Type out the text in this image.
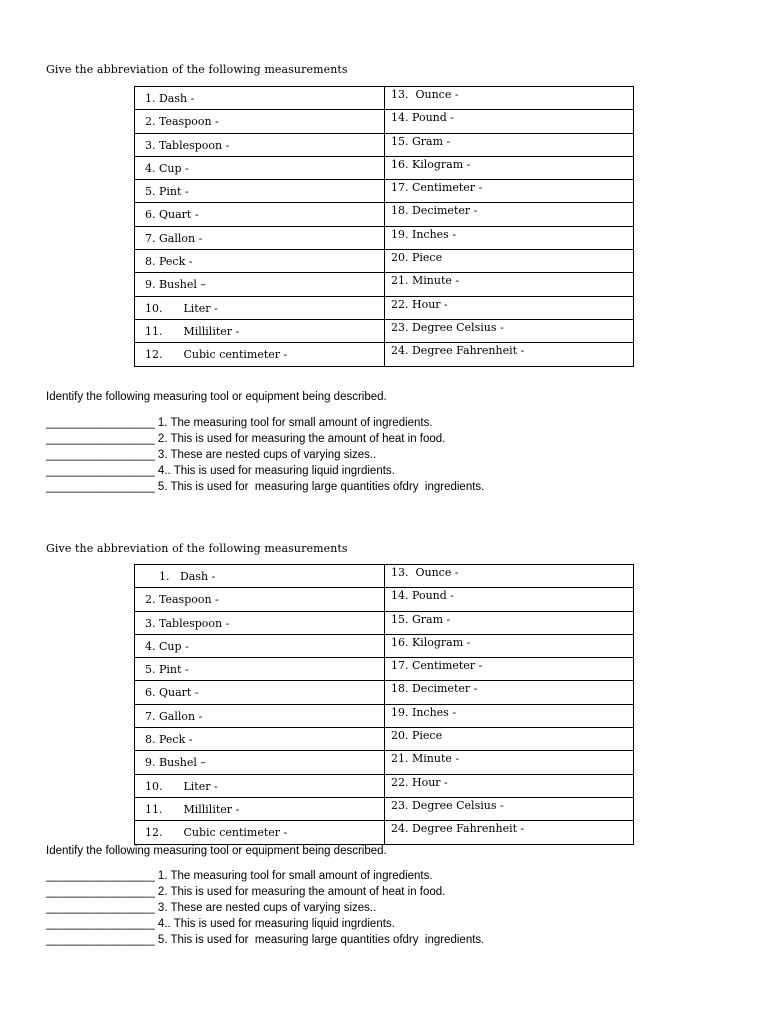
Give the abbreviation of the following measurements
1. Dash -	13.  Ounce -

2. Teaspoon -	14. Pound -

3. Tablespoon -	15. Gram -

4. Cup -	16. Kilogram -

5. Pint -	17. Centimeter -

6. Quart -	18. Decimeter -

7. Gallon -	19. Inches -

8. Peck -	20. Piece

9. Bushel –	21. Minute -

10.      Liter -	22. Hour -

11.      Milliliter -	23. Degree Celsius -

12.      Cubic centimeter -	24. Degree Fahrenheit -
Identify the following measuring tool or equipment being described.
_________________ 1. The measuring tool for small amount of ingredients.
_________________ 2. This is used for measuring the amount of heat in food.
_________________ 3. These are nested cups of varying sizes..
_________________ 4.. This is used for measuring liquid ingrdients.
_________________ 5. This is used for  measuring large quantities ofdry  ingredients.
Give the abbreviation of the following measurements
1.   Dash -	13.  Ounce -

2. Teaspoon -	14. Pound -

3. Tablespoon -	15. Gram -

4. Cup -	16. Kilogram -

5. Pint -	17. Centimeter -

6. Quart -	18. Decimeter -

7. Gallon -	19. Inches -

8. Peck -	20. Piece

9. Bushel –	21. Minute -

10.      Liter -	22. Hour -

11.      Milliliter -	23. Degree Celsius -

12.      Cubic centimeter -	24. Degree Fahrenheit -
Identify the following measuring tool or equipment being described.
_________________ 1. The measuring tool for small amount of ingredients.
_________________ 2. This is used for measuring the amount of heat in food.
_________________ 3. These are nested cups of varying sizes..
_________________ 4.. This is used for measuring liquid ingrdients.
_________________ 5. This is used for  measuring large quantities ofdry  ingredients.
